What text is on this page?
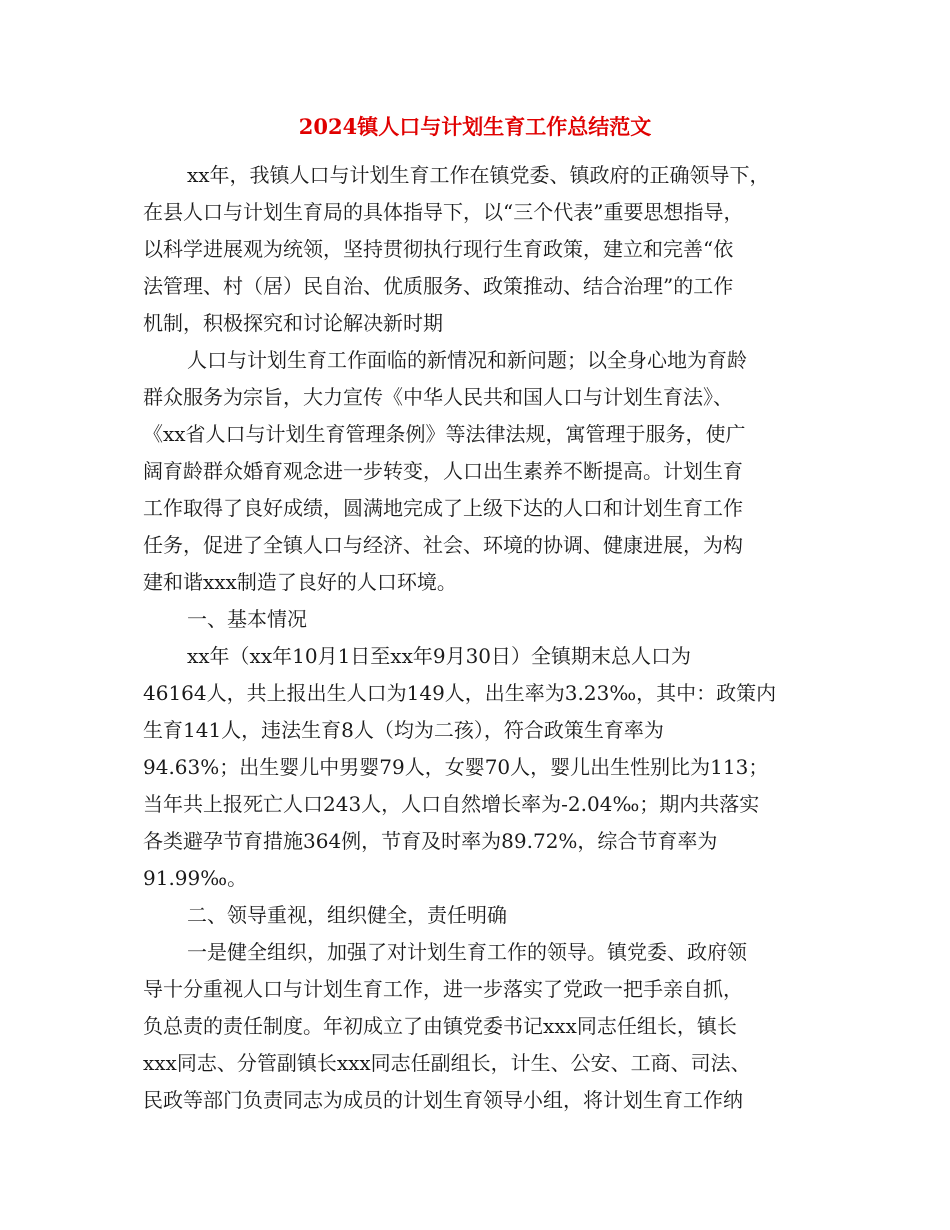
2024镇人口与计划生育工作总结范文

xx年，我镇人口与计划生育工作在镇党委、镇政府的正确领导下，

在县人口与计划生育局的具体指导下，以“三个代表”重要思想指导，

以科学进展观为统领，坚持贯彻执行现行生育政策，建立和完善“依

法管理、村（居）民自治、优质服务、政策推动、结合治理”的工作

机制，积极探究和讨论解决新时期

人口与计划生育工作面临的新情况和新问题；以全身心地为育龄

群众服务为宗旨，大力宣传《中华人民共和国人口与计划生育法》、

《xx省人口与计划生育管理条例》等法律法规，寓管理于服务，使广

阔育龄群众婚育观念进一步转变，人口出生素养不断提高。计划生育

工作取得了良好成绩，圆满地完成了上级下达的人口和计划生育工作

任务，促进了全镇人口与经济、社会、环境的协调、健康进展，为构

建和谐xxx制造了良好的人口环境。

一、基本情况

xx年（xx年10月1日至xx年9月30日）全镇期末总人口为

46164人，共上报出生人口为149人，出生率为3.23‰，其中：政策内

生育141人，违法生育8人（均为二孩），符合政策生育率为

94.63%；出生婴儿中男婴79人，女婴70人，婴儿出生性别比为113；

当年共上报死亡人口243人，人口自然增长率为-2.04‰；期内共落实

各类避孕节育措施364例，节育及时率为89.72%，综合节育率为

91.99‰。

二、领导重视，组织健全，责任明确

一是健全组织，加强了对计划生育工作的领导。镇党委、政府领

导十分重视人口与计划生育工作，进一步落实了党政一把手亲自抓，

负总责的责任制度。年初成立了由镇党委书记xxx同志任组长，镇长

xxx同志、分管副镇长xxx同志任副组长，计生、公安、工商、司法、

民政等部门负责同志为成员的计划生育领导小组，将计划生育工作纳
